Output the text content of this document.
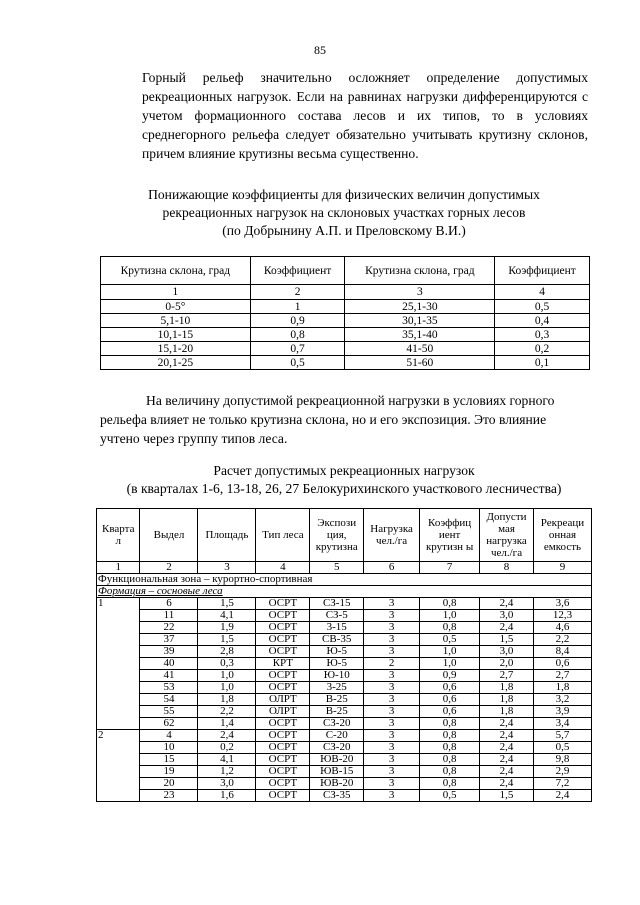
85

Горный рельеф значительно осложняет определение допустимых
рекреационных нагрузок. Если на равнинах нагрузки дифференцируются с
учетом формационного состава лесов и их типов, то в условиях
среднегорного рельефа следует обязательно учитывать крутизну склонов,
причем влияние крутизны весьма существенно.

Понижающие коэффициенты для физических величин допустимых
рекреационных нагрузок на склоновых участках горных лесов
(по Добрынину А.П. и Преловскому В.И.)
Крутизна склона, град	Коэффициент	Крутизна склона, град	Коэффициент
1	2	3	4
0-5°	1	25,1-30	0,5
5,1-10	0,9	30,1-35	0,4
10,1-15	0,8	35,1-40	0,3
15,1-20	0,7	41-50	0,2
20,1-25	0,5	51-60	0,1

На величину допустимой рекреационной нагрузки в условиях горного
рельефа влияет не только крутизна склона, но и его экспозиция. Это влияние
учтено через группу типов леса.

Расчет допустимых рекреационных нагрузок
(в кварталах 1-6, 13-18, 26, 27 Белокурихинского участкового лесничества)
Кварта л	Выдел	Площадь	Тип леса	Экспози ция, крутизна	Нагрузка чел./га	Коэффиц иент крутизн ы	Допусти мая нагрузка чел./га	Рекреаци онная емкость
1	2	3	4	5	6	7	8	9
Функциональная зона – курортно-спортивная								
Формация – сосновые леса								
1	6	1,5	ОСРТ	СЗ-15	3	0,8	2,4	3,6
	11	4,1	ОСРТ	СЗ-5	3	1,0	3,0	12,3
	22	1,9	ОСРТ	3-15	3	0,8	2,4	4,6
	37	1,5	ОСРТ	СВ-35	3	0,5	1,5	2,2
	39	2,8	ОСРТ	Ю-5	3	1,0	3,0	8,4
	40	0,3	КРТ	Ю-5	2	1,0	2,0	0,6
	41	1,0	ОСРТ	Ю-10	3	0,9	2,7	2,7
	53	1,0	ОСРТ	3-25	3	0,6	1,8	1,8
	54	1,8	ОЛРТ	В-25	3	0,6	1,8	3,2
	55	2,2	ОЛРТ	В-25	3	0,6	1,8	3,9
	62	1,4	ОСРТ	СЗ-20	3	0,8	2,4	3,4
2	4	2,4	ОСРТ	С-20	3	0,8	2,4	5,7
	10	0,2	ОСРТ	СЗ-20	3	0,8	2,4	0,5
	15	4,1	ОСРТ	ЮВ-20	3	0,8	2,4	9,8
	19	1,2	ОСРТ	ЮВ-15	3	0,8	2,4	2,9
	20	3,0	ОСРТ	ЮВ-20	3	0,8	2,4	7,2
	23	1,6	ОСРТ	СЗ-35	3	0,5	1,5	2,4
